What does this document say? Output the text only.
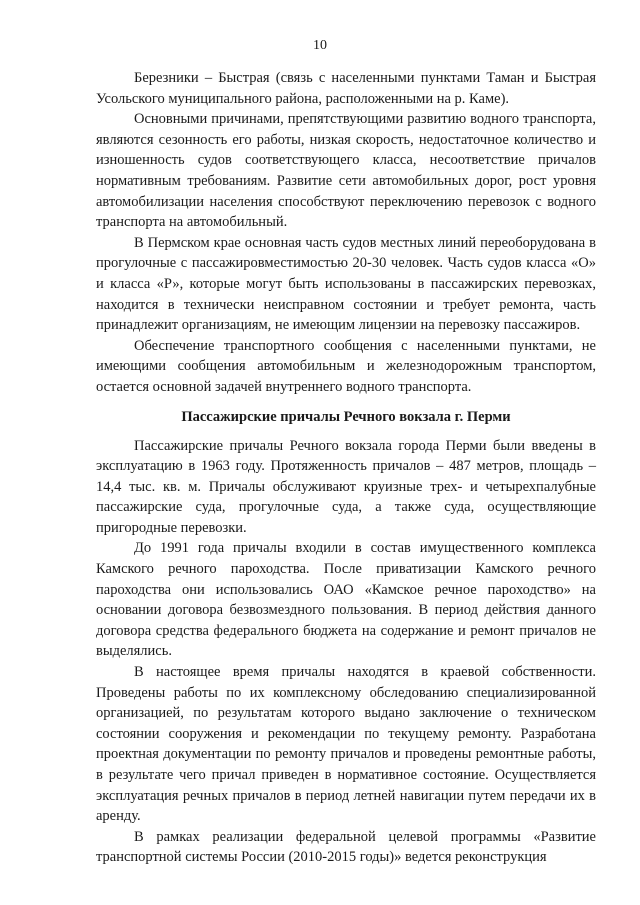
10

Березники – Быстрая (связь с населенными пунктами Таман и Быстрая Усольского муниципального района, расположенными на р. Каме).

Основными причинами, препятствующими развитию водного транспорта, являются сезонность его работы, низкая скорость, недостаточное количество и изношенность судов соответствующего класса, несоответствие причалов нормативным требованиям. Развитие сети автомобильных дорог, рост уровня автомобилизации населения способствуют переключению перевозок с водного транспорта на автомобильный.

В Пермском крае основная часть судов местных линий переоборудована в прогулочные с пассажировместимостью 20-30 человек. Часть судов класса «О» и класса «Р», которые могут быть использованы в пассажирских перевозках, находится в технически неисправном состоянии и требует ремонта, часть принадлежит организациям, не имеющим лицензии на перевозку пассажиров.

Обеспечение транспортного сообщения с населенными пунктами, не имеющими сообщения автомобильным и железнодорожным транспортом, остается основной задачей внутреннего водного транспорта.

Пассажирские причалы Речного вокзала г. Перми

Пассажирские причалы Речного вокзала города Перми были введены в эксплуатацию в 1963 году. Протяженность причалов – 487 метров, площадь – 14,4 тыс. кв. м. Причалы обслуживают круизные трех- и четырехпалубные пассажирские суда, прогулочные суда, а также суда, осуществляющие пригородные перевозки.

До 1991 года причалы входили в состав имущественного комплекса Камского речного пароходства. После приватизации Камского речного пароходства они использовались ОАО «Камское речное пароходство» на основании договора безвозмездного пользования. В период действия данного договора средства федерального бюджета на содержание и ремонт причалов не выделялись.

В настоящее время причалы находятся в краевой собственности. Проведены работы по их комплексному обследованию специализированной организацией, по результатам которого выдано заключение о техническом состоянии сооружения и рекомендации по текущему ремонту. Разработана проектная документации по ремонту причалов и проведены ремонтные работы, в результате чего причал приведен в нормативное состояние. Осуществляется эксплуатация речных причалов в период летней навигации путем передачи их в аренду.

В рамках реализации федеральной целевой программы «Развитие транспортной системы России (2010-2015 годы)» ведется реконструкция
